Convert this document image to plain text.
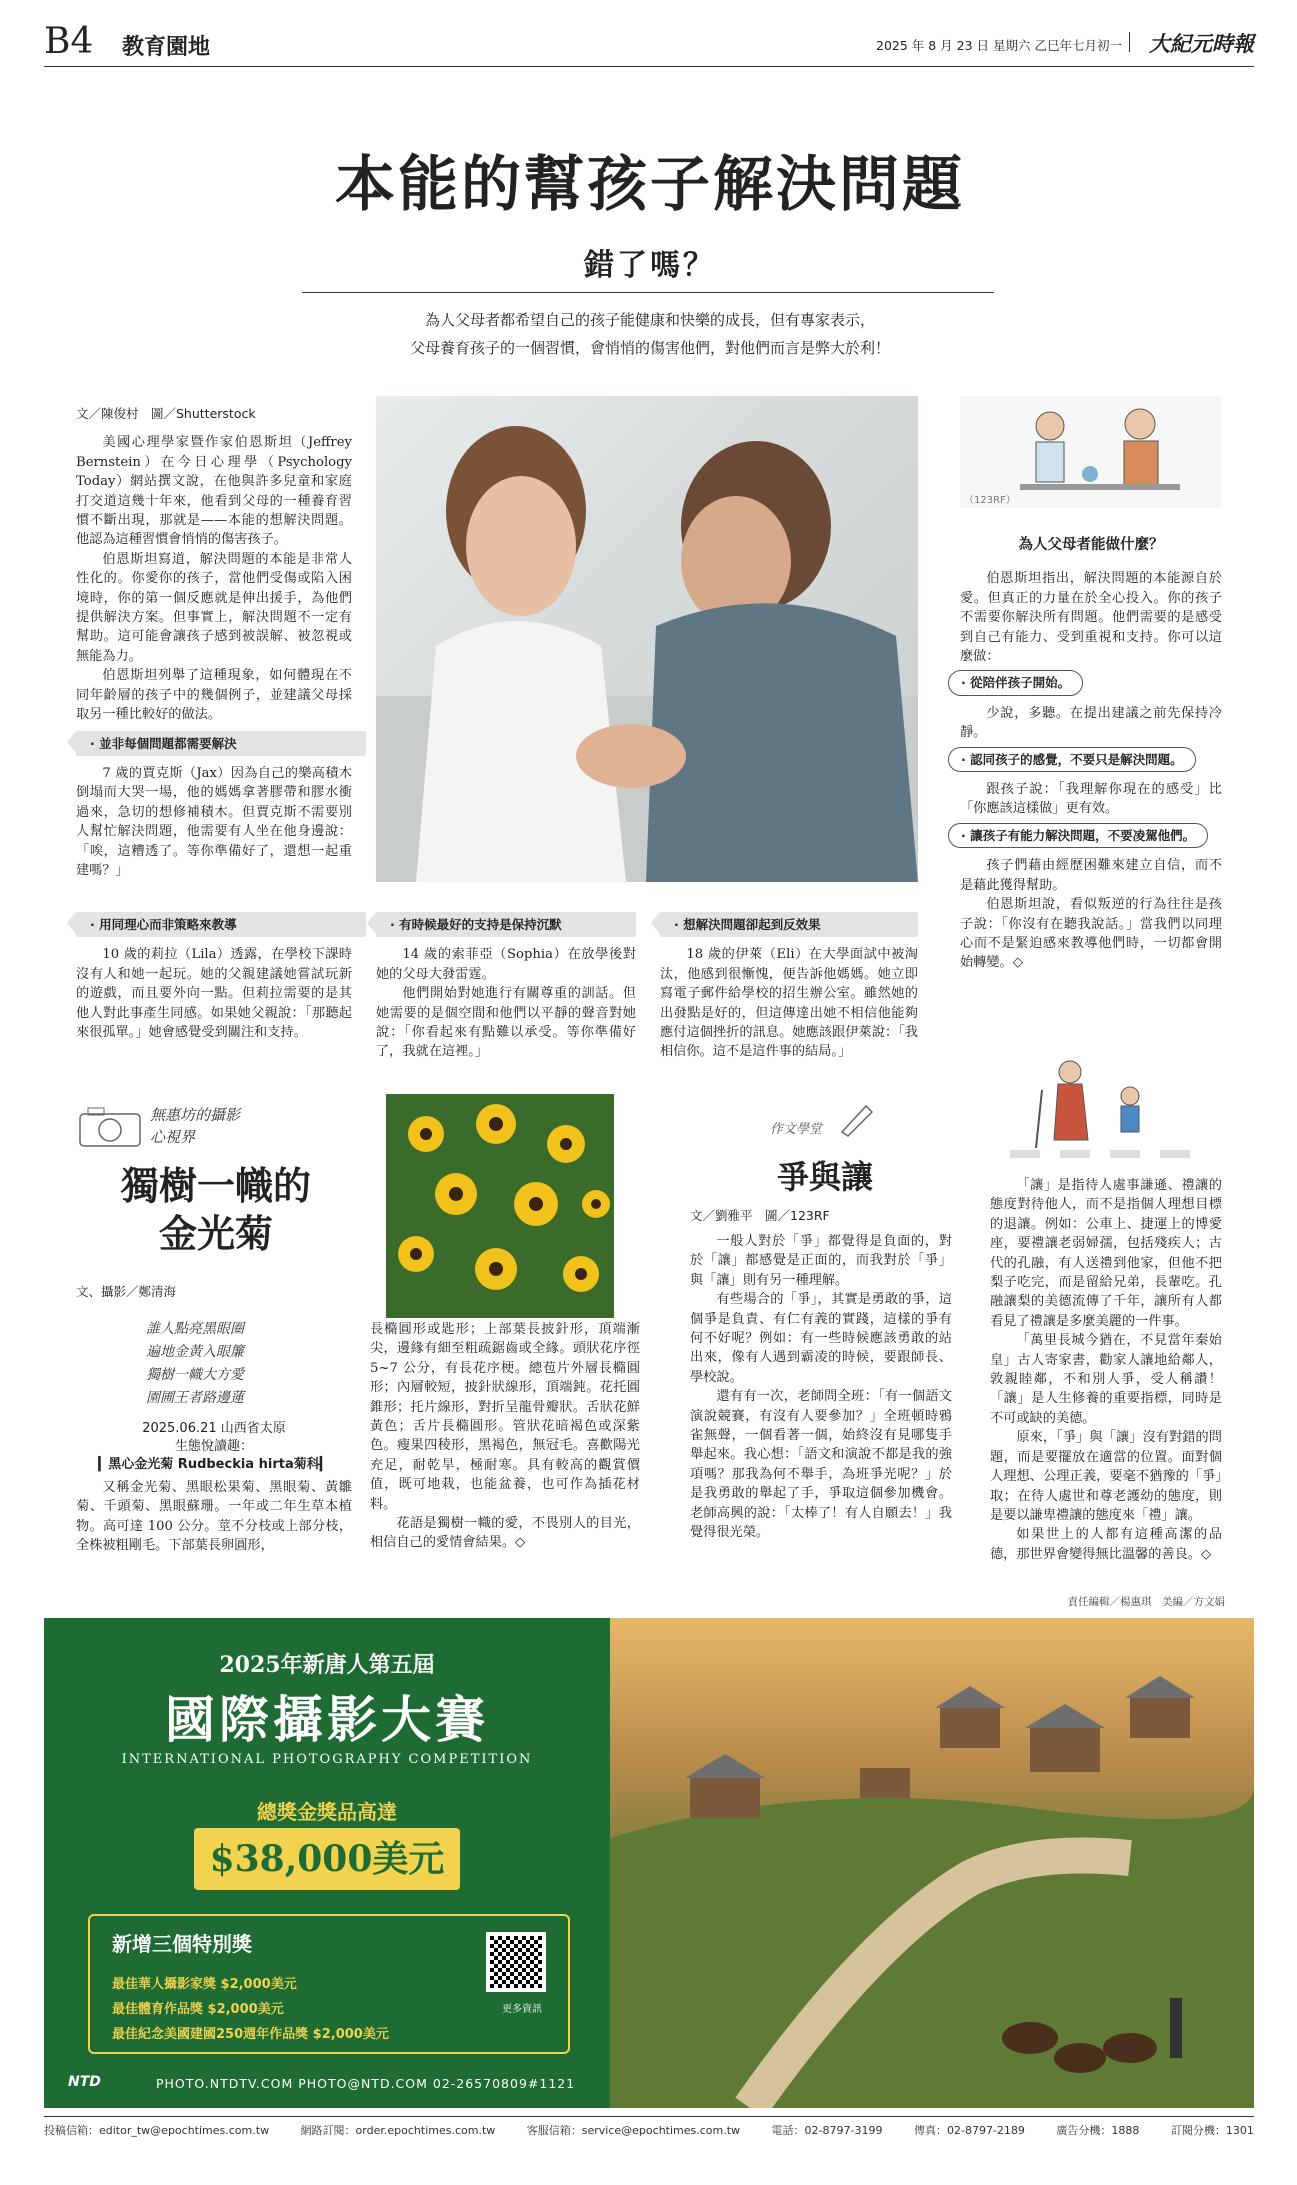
B4 教育園地	2025 年 8 月 23 日 星期六 乙巳年七月初一 大紀元時報
本能的幫孩子解決問題
錯了嗎？
為人父母者都希望自己的孩子能健康和快樂的成長，但有專家表示，
父母養育孩子的一個習慣，會悄悄的傷害他們，對他們而言是弊大於利！
文／陳俊村　圖／Shutterstock

美國心理學家暨作家伯恩斯坦（Jeffrey Bernstein）在今日心理學（Psychology Today）網站撰文說，在他與許多兒童和家庭打交道這幾十年來，他看到父母的一種養育習慣不斷出現，那就是——本能的想解決問題。他認為這種習慣會悄悄的傷害孩子。

伯恩斯坦寫道，解決問題的本能是非常人性化的。你愛你的孩子，當他們受傷或陷入困境時，你的第一個反應就是伸出援手，為他們提供解決方案。但事實上，解決問題不一定有幫助。這可能會讓孩子感到被誤解、被忽視或無能為力。

伯恩斯坦列舉了這種現象，如何體現在不同年齡層的孩子中的幾個例子，並建議父母採取另一種比較好的做法。

· 並非每個問題都需要解決

7 歲的賈克斯（Jax）因為自己的樂高積木倒塌而大哭一場，他的媽媽拿著膠帶和膠水衝過來，急切的想修補積木。但賈克斯不需要別人幫忙解決問題，他需要有人坐在他身邊說：「唉，這糟透了。等你準備好了，還想一起重建嗎？」

· 用同理心而非策略來教導

10 歲的莉拉（Lila）透露，在學校下課時沒有人和她一起玩。她的父親建議她嘗試玩新的遊戲，而且要外向一點。但莉拉需要的是其他人對此事產生同感。如果她父親說：「那聽起來很孤單。」她會感覺受到關注和支持。

· 有時候最好的支持是保持沉默

14 歲的索菲亞（Sophia）在放學後對她的父母大發雷霆。

他們開始對她進行有關尊重的訓話。但她需要的是個空間和他們以平靜的聲音對她說：「你看起來有點難以承受。等你準備好了，我就在這裡。」

· 想解決問題卻起到反效果

18 歲的伊萊（Eli）在大學面試中被淘汰，他感到很慚愧，便告訴他媽媽。她立即寫電子郵件給學校的招生辦公室。雖然她的出發點是好的，但這傳達出她不相信他能夠應付這個挫折的訊息。她應該跟伊萊說：「我相信你。這不是這件事的結局。」

（123RF）
為人父母者能做什麼？

伯恩斯坦指出，解決問題的本能源自於愛。但真正的力量在於全心投入。你的孩子不需要你解決所有問題。他們需要的是感受到自己有能力、受到重視和支持。你可以這麼做：

· 從陪伴孩子開始。

少說，多聽。在提出建議之前先保持冷靜。

· 認同孩子的感覺，不要只是解決問題。

跟孩子說：「我理解你現在的感受」比「你應該這樣做」更有效。

· 讓孩子有能力解決問題，不要凌駕他們。

孩子們藉由經歷困難來建立自信，而不是藉此獲得幫助。

伯恩斯坦說，看似叛逆的行為往往是孩子說：「你沒有在聽我說話。」當我們以同理心而不是緊迫感來教導他們時，一切都會開始轉變。◇

無惠坊的攝影心視界
獨樹一幟的
金光菊
文、攝影／鄭清海
誰人點亮黑眼圈
遍地金黃入眼簾
獨樹一幟大方愛
園圃王者路邊蓮
2025.06.21 山西省太原
生態悅讀趣：
▎黑心金光菊 Rudbeckia hirta菊科▎

又稱金光菊、黑眼松果菊、黑眼菊、黃雛菊、千頭菊、黑眼蘇珊。一年或二年生草本植物。高可達 100 公分。莖不分枝或上部分枝，全株被粗剛毛。下部葉長卵圓形，

長橢圓形或匙形；上部葉長披針形，頂端漸尖，邊緣有細至粗疏鋸齒或全緣。頭狀花序徑 5~7 公分，有長花序梗。總苞片外層長橢圓形；內層較短，披針狀線形，頂端鈍。花托圓錐形；托片線形，對折呈龍骨瓣狀。舌狀花鮮黃色；舌片長橢圓形。管狀花暗褐色或深紫色。瘦果四稜形，黑褐色，無冠毛。喜歡陽光充足，耐乾旱，極耐寒。具有較高的觀賞價值，既可地栽，也能盆養，也可作為插花材料。

花語是獨樹一幟的愛，不畏別人的目光，相信自己的愛情會結果。◇

作文學堂
爭與讓
文／劉雅平　圖／123RF

一般人對於「爭」都覺得是負面的，對於「讓」都感覺是正面的，而我對於「爭」與「讓」則有另一種理解。

有些場合的「爭」，其實是勇敢的爭，這個爭是負責、有仁有義的實踐，這樣的爭有何不好呢？例如：有一些時候應該勇敢的站出來，像有人遇到霸凌的時候，要跟師長、學校說。

還有有一次，老師問全班：「有一個語文演說競賽，有沒有人要參加？」全班頓時鴉雀無聲，一個看著一個，始終沒有見哪隻手舉起來。我心想：「語文和演說不都是我的強項嗎？那我為何不舉手，為班爭光呢？」於是我勇敢的舉起了手，爭取這個參加機會。老師高興的說：「太棒了！有人自願去！」我覺得很光榮。

「讓」是指待人處事謙遜、禮讓的態度對待他人，而不是指個人理想目標的退讓。例如：公車上、捷運上的博愛座，要禮讓老弱婦孺，包括殘疾人；古代的孔融，有人送禮到他家，但他不把梨子吃完，而是留給兄弟，長輩吃。孔融讓梨的美德流傳了千年，讓所有人都看見了禮讓是多麼美麗的一件事。

「萬里長城今猶在，不見當年秦始皇」古人寄家書，勸家人讓地給鄰人，敦親睦鄰，不和別人爭，受人稱讚！「讓」是人生修養的重要指標，同時是不可或缺的美德。

原來，「爭」與「讓」沒有對錯的問題，而是要擺放在適當的位置。面對個人理想、公理正義，要毫不猶豫的「爭」取；在待人處世和尊老護幼的態度，則是要以謙卑禮讓的態度來「禮」讓。

如果世上的人都有這種高潔的品德，那世界會變得無比溫馨的善良。◇

責任編輯／楊惠琪　美編／方文娟
2025年新唐人第五屆
國際攝影大賽
INTERNATIONAL PHOTOGRAPHY COMPETITION
總獎金獎品高達
$38,000美元
新增三個特別獎
最佳華人攝影家獎 $2,000美元
最佳體育作品獎 $2,000美元
最佳紀念美國建國250週年作品獎 $2,000美元
更多資訊
NTD	PHOTO.NTDTV.COM PHOTO@NTD.COM 02-26570809#1121
投稿信箱：editor_tw@epochtimes.com.tw	網路訂閱：order.epochtimes.com.tw	客服信箱：service@epochtimes.com.tw	電話：02-8797-3199	傳真：02-8797-2189	廣告分機：1888	訂閱分機：1301
